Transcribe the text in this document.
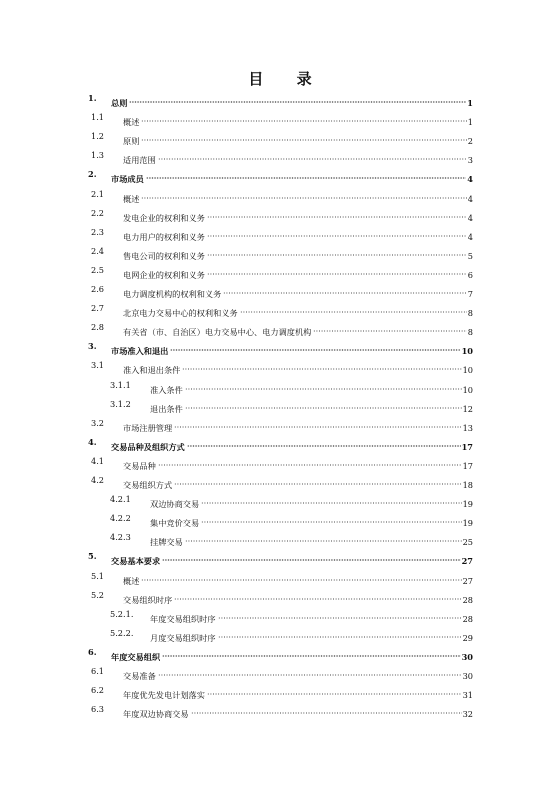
目 录
1. 总则	1
1.1 概述	1
1.2 原则	2
1.3 适用范围	3
2. 市场成员	4
2.1 概述	4
2.2 发电企业的权利和义务	4
2.3 电力用户的权利和义务	4
2.4 售电公司的权利和义务	5
2.5 电网企业的权利和义务	6
2.6 电力调度机构的权利和义务	7
2.7 北京电力交易中心的权利和义务	8
2.8 有关省（市、自治区）电力交易中心、电力调度机构	8
3. 市场准入和退出	10
3.1 准入和退出条件	10
3.1.1 准入条件	10
3.1.2 退出条件	12
3.2 市场注册管理	13
4. 交易品种及组织方式	17
4.1 交易品种	17
4.2 交易组织方式	18
4.2.1 双边协商交易	19
4.2.2 集中竞价交易	19
4.2.3 挂牌交易	25
5. 交易基本要求	27
5.1 概述	27
5.2 交易组织时序	28
5.2.1. 年度交易组织时序	28
5.2.2. 月度交易组织时序	29
6. 年度交易组织	30
6.1 交易准备	30
6.2 年度优先发电计划落实	31
6.3 年度双边协商交易	32
